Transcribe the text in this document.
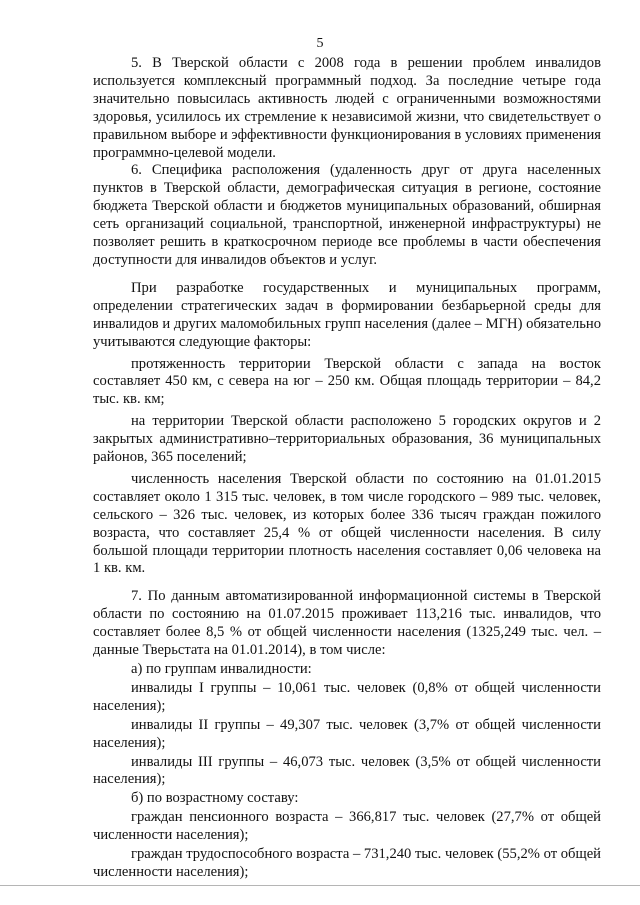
5

5. В Тверской области с 2008 года в решении проблем инвалидов используется комплексный программный подход. За последние четыре года значительно повысилась активность людей с ограниченными возможностями здоровья, усилилось их стремление к независимой жизни, что свидетельствует о правильном выборе и эффективности функционирования в условиях применения программно-целевой модели.

6. Специфика расположения (удаленность друг от друга населенных пунктов в Тверской области, демографическая ситуация в регионе, состояние бюджета Тверской области и бюджетов муниципальных образований, обширная сеть организаций социальной, транспортной, инженерной инфраструктуры) не позволяет решить в краткосрочном периоде все проблемы в части обеспечения доступности для инвалидов объектов и услуг.

При разработке государственных и муниципальных программ, определении стратегических задач в формировании безбарьерной среды для инвалидов и других маломобильных групп населения (далее – МГН) обязательно учитываются следующие факторы:

протяженность территории Тверской области с запада на восток составляет 450 км, с севера на юг – 250 км. Общая площадь территории – 84,2 тыс. кв. км;

на территории Тверской области расположено 5 городских округов и 2 закрытых административно–территориальных образования, 36 муниципальных районов, 365 поселений;

численность населения Тверской области по состоянию на 01.01.2015 составляет около 1 315 тыс. человек, в том числе городского – 989 тыс. человек, сельского – 326 тыс. человек, из которых более 336 тысяч граждан пожилого возраста, что составляет 25,4 % от общей численности населения. В силу большой площади территории плотность населения составляет 0,06 человека на 1 кв. км.

7. По данным автоматизированной информационной системы в Тверской области по состоянию на 01.07.2015 проживает 113,216 тыс. инвалидов, что составляет более 8,5 % от общей численности населения (1325,249 тыс. чел. – данные Тверьстата на 01.01.2014), в том числе:

а) по группам инвалидности:

инвалиды I группы – 10,061 тыс. человек (0,8% от общей численности населения);

инвалиды II группы – 49,307 тыс. человек (3,7% от общей численности населения);

инвалиды III группы – 46,073 тыс. человек (3,5% от общей численности населения);

б) по возрастному составу:

граждан пенсионного возраста – 366,817 тыс. человек (27,7% от общей численности населения);

граждан трудоспособного возраста – 731,240 тыс. человек (55,2% от общей численности населения);
